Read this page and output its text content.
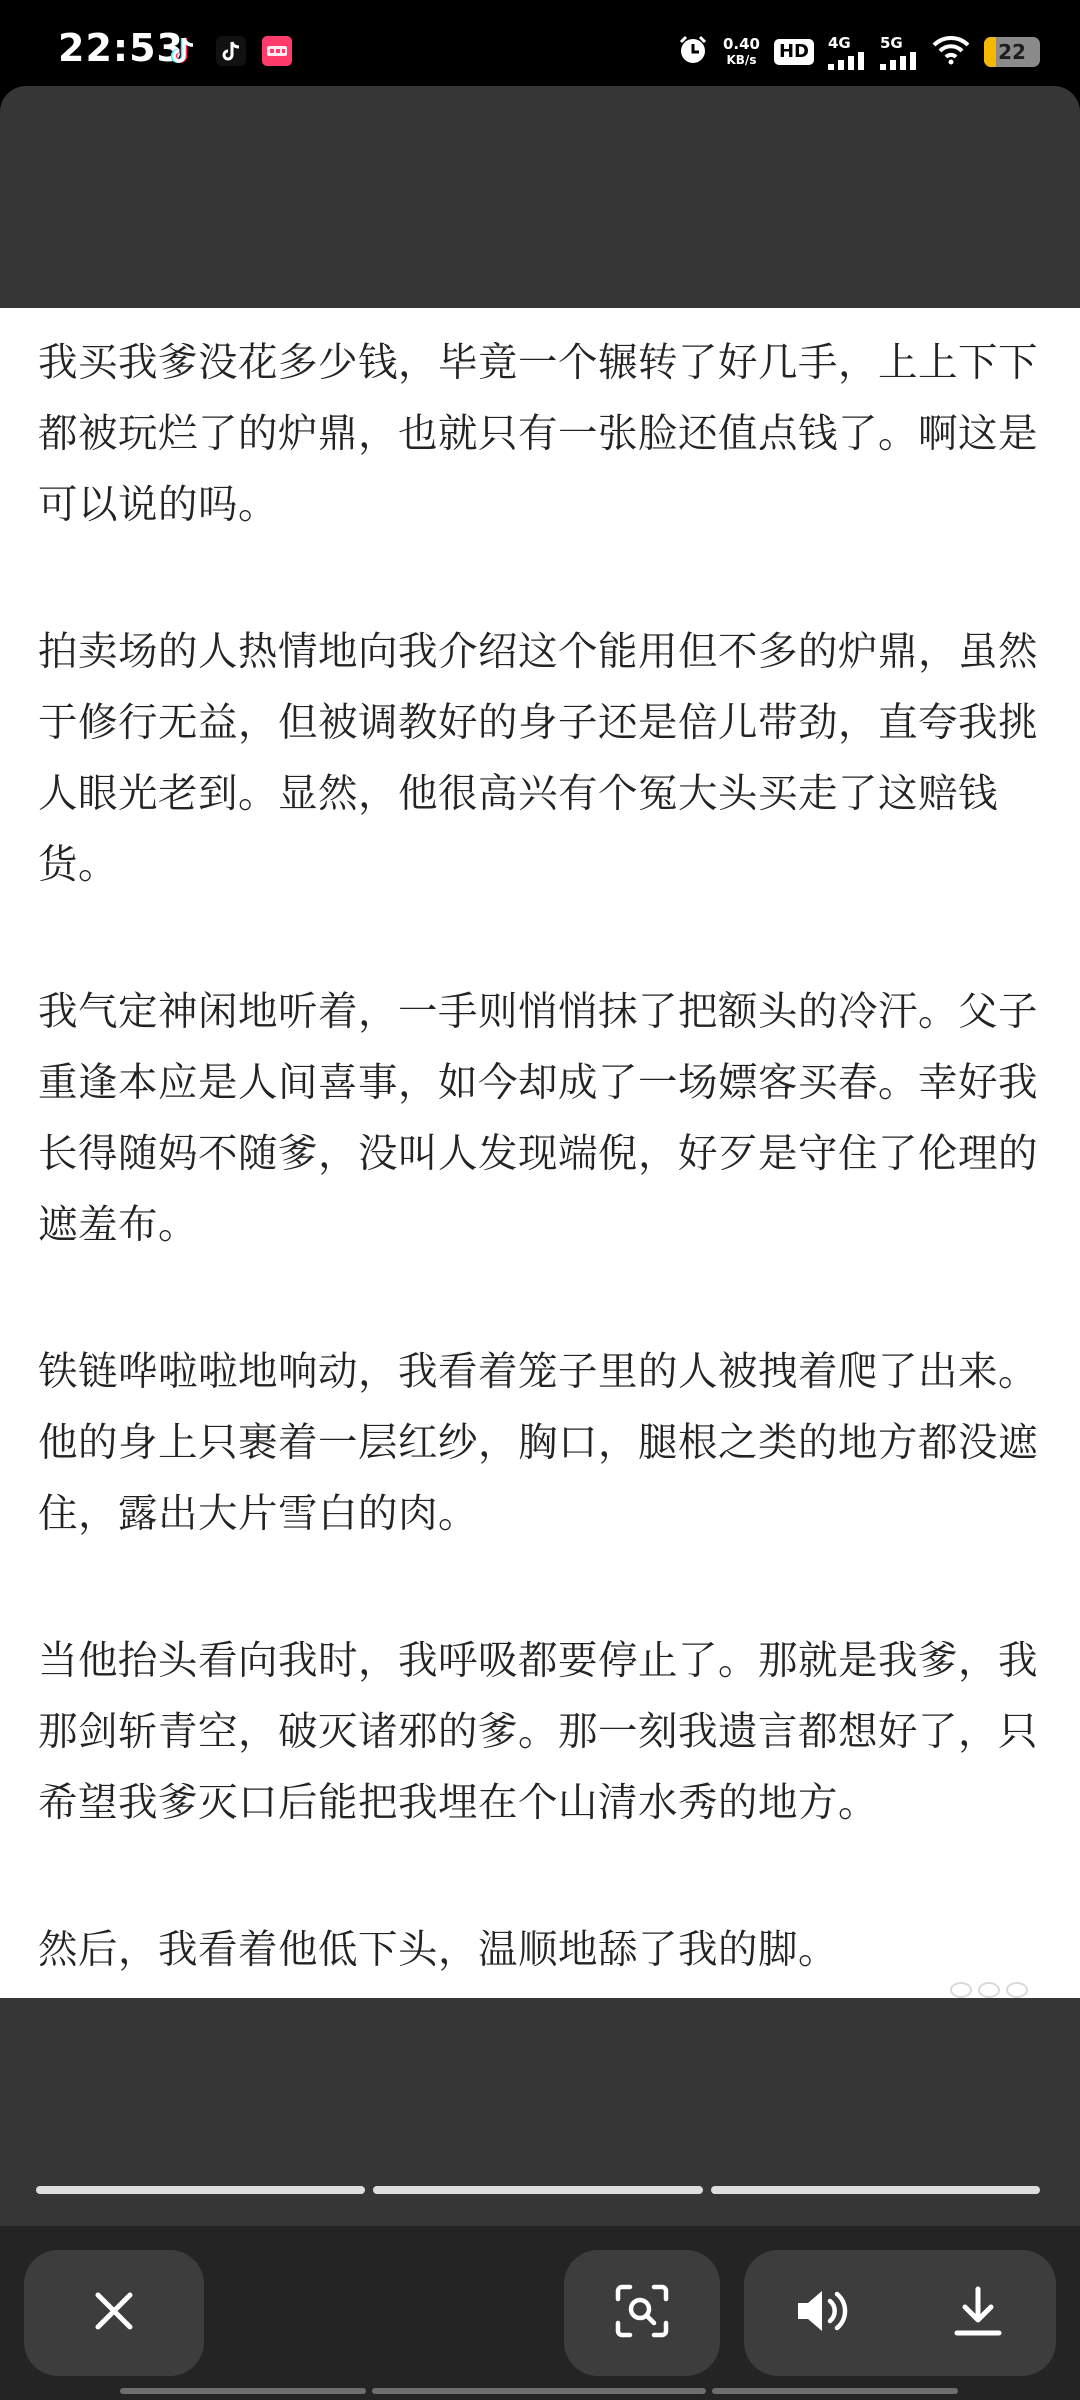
22:53	0.40
KB/s HD	4G 5G	22

我买我爹没花多少钱，毕竟一个辗转了好几手，上上下下都被玩烂了的炉鼎，也就只有一张脸还值点钱了。啊这是可以说的吗。

拍卖场的人热情地向我介绍这个能用但不多的炉鼎，虽然于修行无益，但被调教好的身子还是倍儿带劲，直夸我挑人眼光老到。显然，他很高兴有个冤大头买走了这赔钱货。

我气定神闲地听着，一手则悄悄抹了把额头的冷汗。父子重逢本应是人间喜事，如今却成了一场嫖客买春。幸好我长得随妈不随爹，没叫人发现端倪，好歹是守住了伦理的遮羞布。

铁链哗啦啦地响动，我看着笼子里的人被拽着爬了出来。他的身上只裹着一层红纱，胸口，腿根之类的地方都没遮住，露出大片雪白的肉。

当他抬头看向我时，我呼吸都要停止了。那就是我爹，我那剑斩青空，破灭诸邪的爹。那一刻我遗言都想好了，只希望我爹灭口后能把我埋在个山清水秀的地方。

然后，我看着他低下头，温顺地舔了我的脚。
